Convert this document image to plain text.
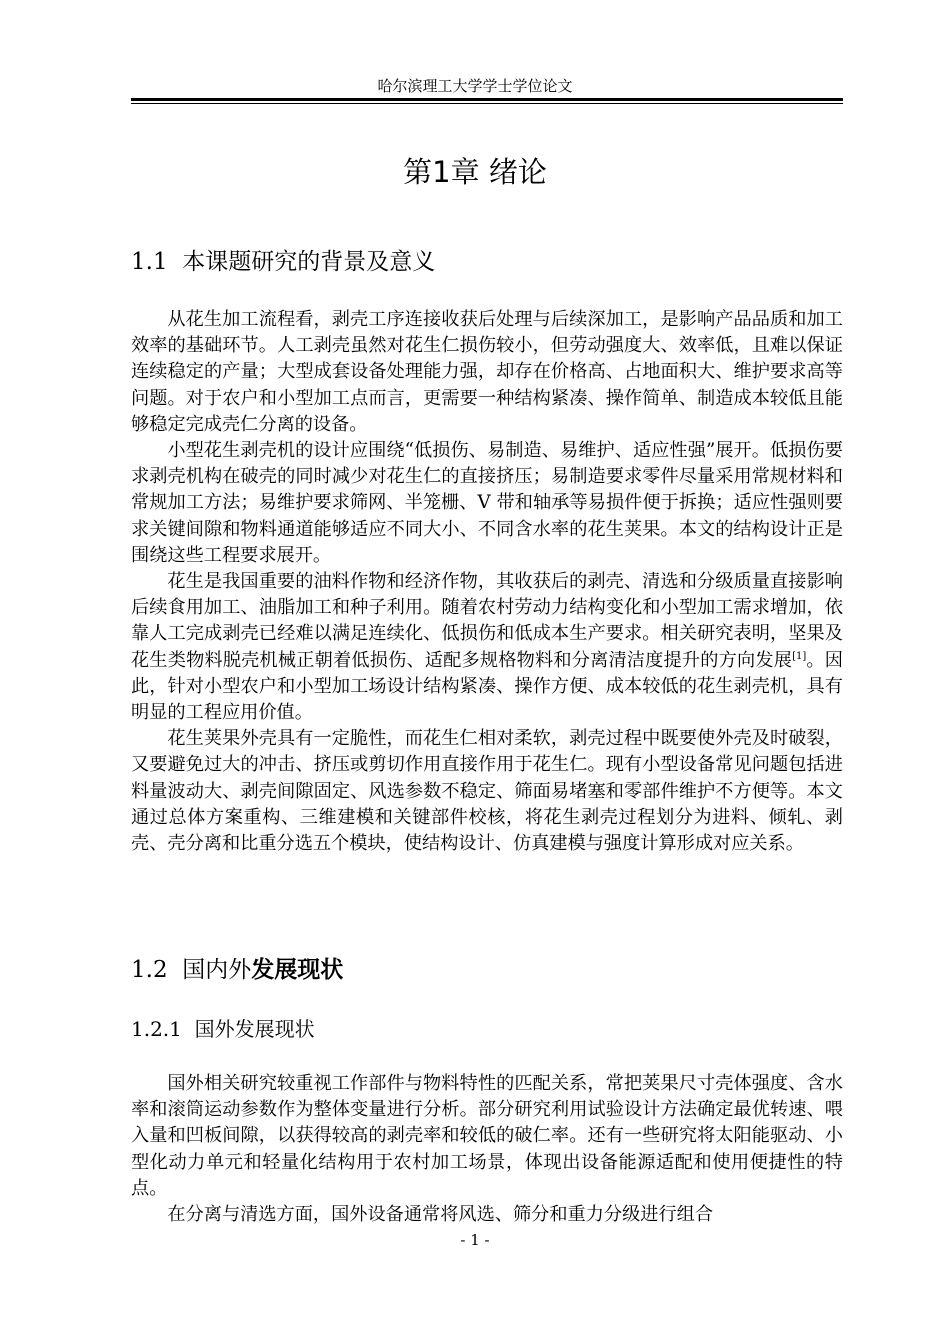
哈尔滨理工大学学士学位论文
第1章 绪论
1.1 本课题研究的背景及意义

从花生加工流程看，剥壳工序连接收获后处理与后续深加工，是影响产品品质和加工效率的基础环节。人工剥壳虽然对花生仁损伤较小，但劳动强度大、效率低，且难以保证连续稳定的产量；大型成套设备处理能力强，却存在价格高、占地面积大、维护要求高等问题。对于农户和小型加工点而言，更需要一种结构紧凑、操作简单、制造成本较低且能够稳定完成壳仁分离的设备。

小型花生剥壳机的设计应围绕“低损伤、易制造、易维护、适应性强”展开。低损伤要求剥壳机构在破壳的同时减少对花生仁的直接挤压；易制造要求零件尽量采用常规材料和常规加工方法；易维护要求筛网、半笼栅、V 带和轴承等易损件便于拆换；适应性强则要求关键间隙和物料通道能够适应不同大小、不同含水率的花生荚果。本文的结构设计正是围绕这些工程要求展开。

花生是我国重要的油料作物和经济作物，其收获后的剥壳、清选和分级质量直接影响后续食用加工、油脂加工和种子利用。随着农村劳动力结构变化和小型加工需求增加，依靠人工完成剥壳已经难以满足连续化、低损伤和低成本生产要求。相关研究表明，坚果及花生类物料脱壳机械正朝着低损伤、适配多规格物料和分离清洁度提升的方向发展[1]。因此，针对小型农户和小型加工场设计结构紧凑、操作方便、成本较低的花生剥壳机，具有明显的工程应用价值。

花生荚果外壳具有一定脆性，而花生仁相对柔软，剥壳过程中既要使外壳及时破裂，又要避免过大的冲击、挤压或剪切作用直接作用于花生仁。现有小型设备常见问题包括进料量波动大、剥壳间隙固定、风选参数不稳定、筛面易堵塞和零部件维护不方便等。本文通过总体方案重构、三维建模和关键部件校核，将花生剥壳过程划分为进料、倾轧、剥壳、壳分离和比重分选五个模块，使结构设计、仿真建模与强度计算形成对应关系。

1.2 国内外发展现状
1.2.1 国外发展现状

国外相关研究较重视工作部件与物料特性的匹配关系，常把荚果尺寸壳体强度、含水率和滚筒运动参数作为整体变量进行分析。部分研究利用试验设计方法确定最优转速、喂入量和凹板间隙，以获得较高的剥壳率和较低的破仁率。还有一些研究将太阳能驱动、小型化动力单元和轻量化结构用于农村加工场景，体现出设备能源适配和使用便捷性的特点。

在分离与清选方面，国外设备通常将风选、筛分和重力分级进行组合

- 1 -
